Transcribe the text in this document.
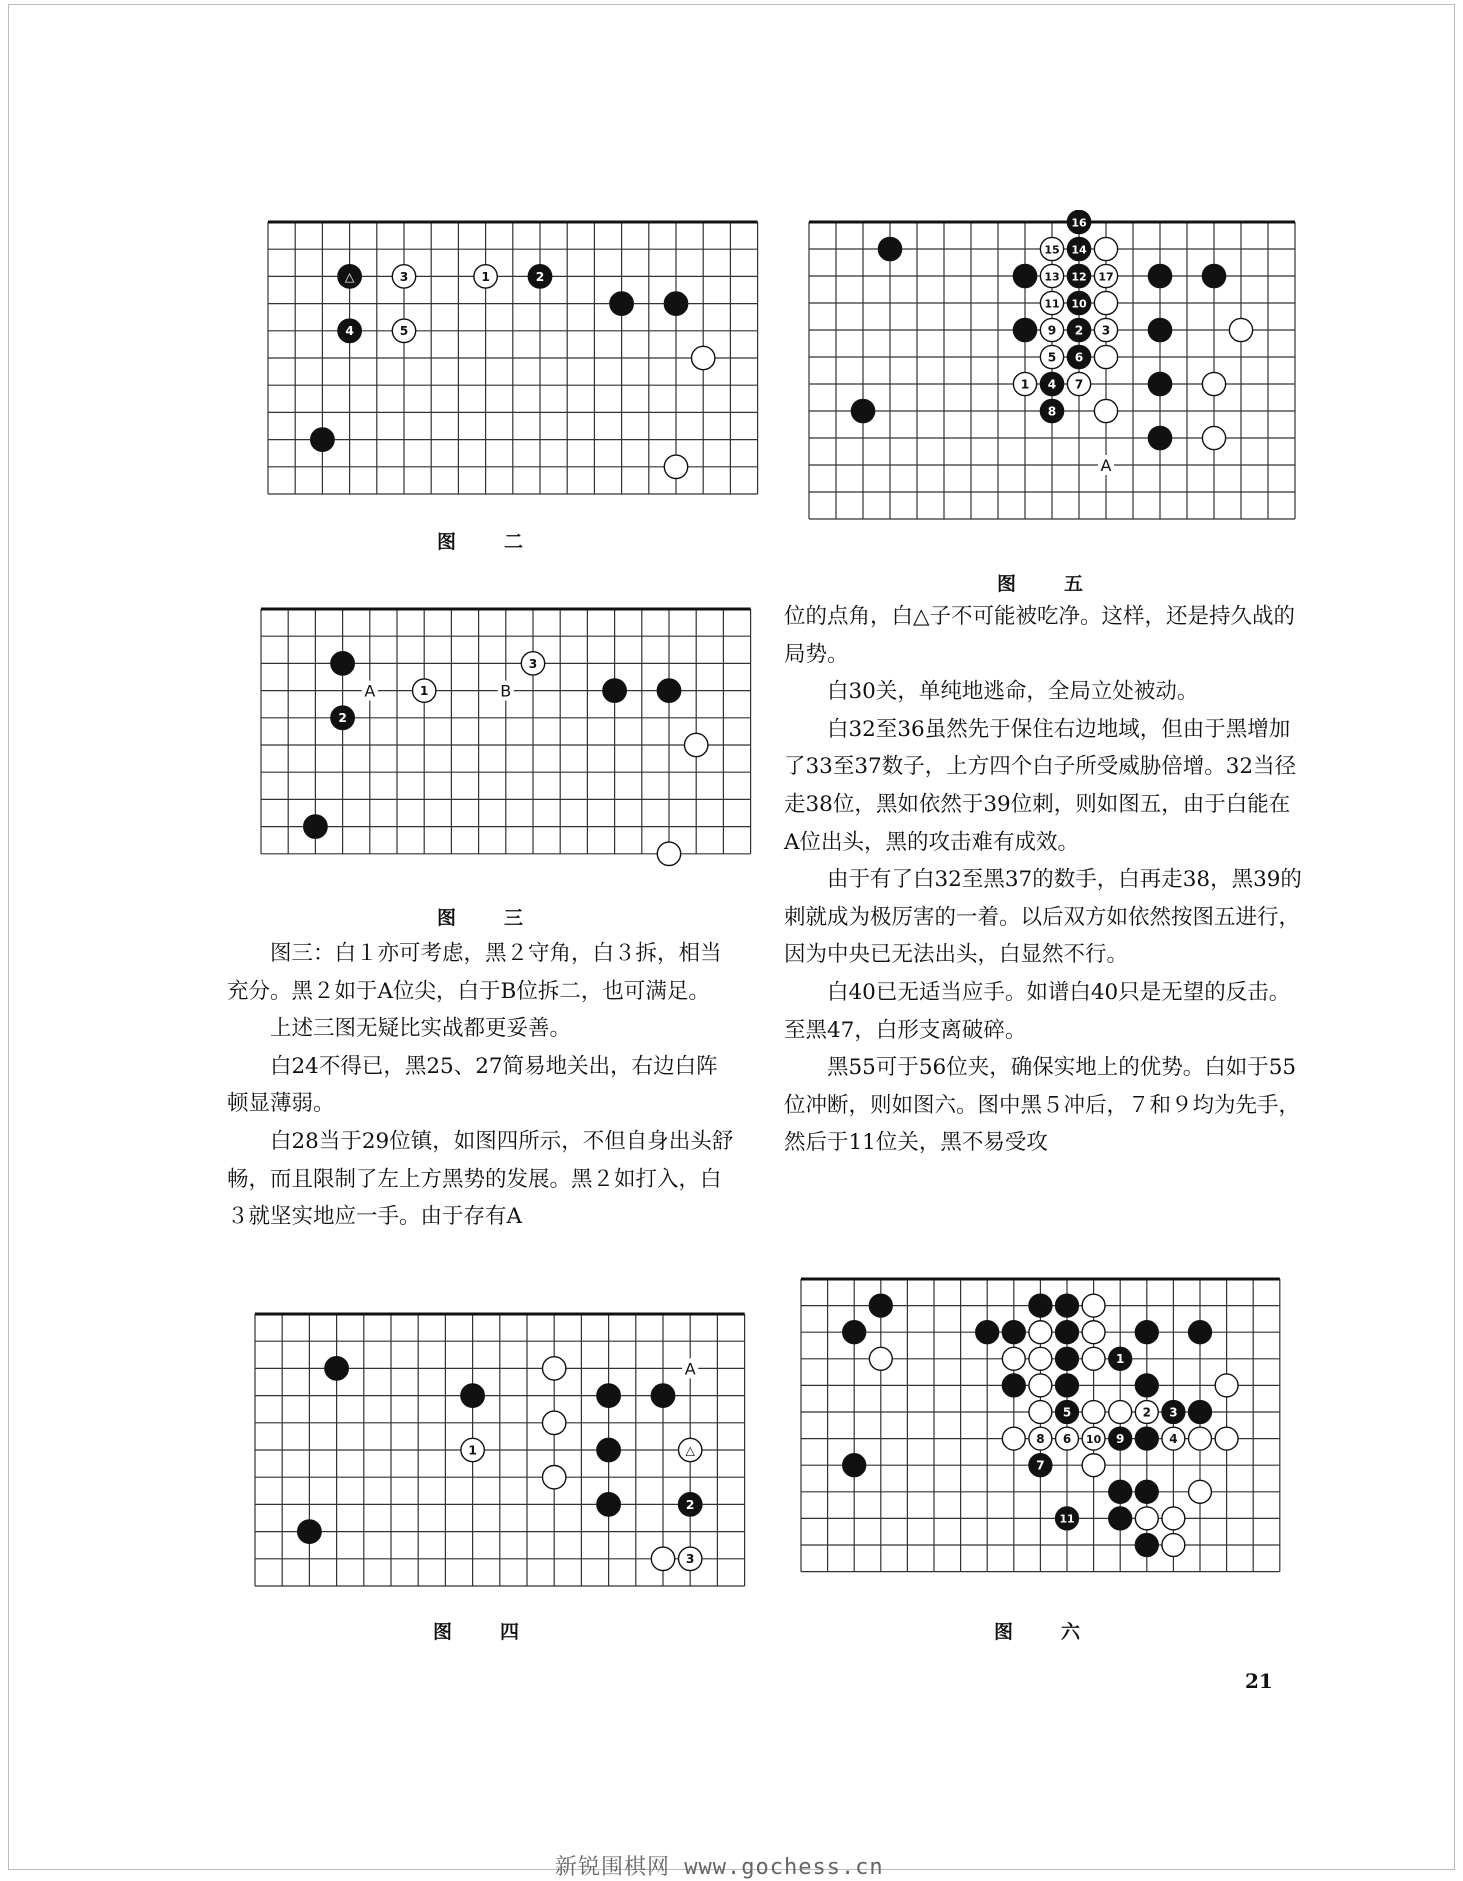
△	3	1	2
4	5
图 二
3
1
2
A	B
图 三
1	△
2
3
A
图 四
16
15 14
13 12 17
11 10
9 2 3
5 6
1 4 7
8
A
图 五
1
5	2 3
8 6 10 9	4
7
11
图 六

图三：白１亦可考虑，黑２守角，白３拆，相当充分。黑２如于A位尖，白于B位拆二，也可满足。

上述三图无疑比实战都更妥善。

白24不得已，黑25、27简易地关出，右边白阵顿显薄弱。

白28当于29位镇，如图四所示，不但自身出头舒畅，而且限制了左上方黑势的发展。黑２如打入，白３就坚实地应一手。由于存有A

位的点角，白△子不可能被吃净。这样，还是持久战的局势。

白30关，单纯地逃命，全局立处被动。

白32至36虽然先于保住右边地域，但由于黑增加了33至37数子，上方四个白子所受威胁倍增。32当径走38位，黑如依然于39位刺，则如图五，由于白能在A位出头，黑的攻击难有成效。

由于有了白32至黑37的数手，白再走38，黑39的刺就成为极厉害的一着。以后双方如依然按图五进行，因为中央已无法出头，白显然不行。

白40已无适当应手。如谱白40只是无望的反击。至黑47，白形支离破碎。

黑55可于56位夹，确保实地上的优势。白如于55位冲断，则如图六。图中黑５冲后，７和９均为先手，然后于11位关，黑不易受攻

21
新锐围棋网 www.gochess.cn
